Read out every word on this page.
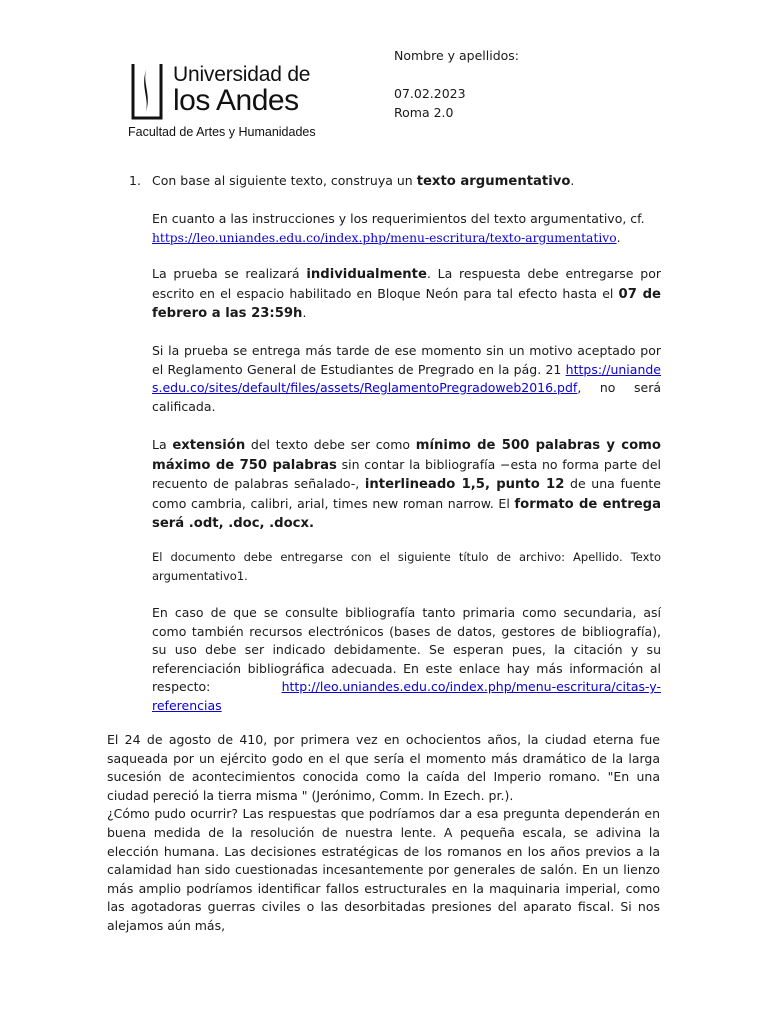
Universidad de
los Andes
Facultad de Artes y Humanidades
Nombre y apellidos:
07.02.2023
Roma 2.0
1. Con base al siguiente texto, construya un texto argumentativo.

En cuanto a las instrucciones y los requerimientos del texto argumentativo, cf.
https://leo.uniandes.edu.co/index.php/menu-escritura/texto-argumentativo.

La prueba se realizará individualmente. La respuesta debe entregarse por escrito en el espacio habilitado en Bloque Neón para tal efecto hasta el 07 de febrero a las 23:59h.

Si la prueba se entrega más tarde de ese momento sin un motivo aceptado por el Reglamento General de Estudiantes de Pregrado en la pág. 21 https://uniandes.edu.co/sites/default/files/assets/ReglamentoPregradoweb2016.pdf, no será calificada.

La extensión del texto debe ser como mínimo de 500 palabras y como máximo de 750 palabras sin contar la bibliografía −esta no forma parte del recuento de palabras señalado-, interlineado 1,5, punto 12 de una fuente como cambria, calibri, arial, times new roman narrow. El formato de entrega será .odt, .doc, .docx.

El documento debe entregarse con el siguiente título de archivo: Apellido. Texto argumentativo1.

En caso de que se consulte bibliografía tanto primaria como secundaria, así como también recursos electrónicos (bases de datos, gestores de bibliografía), su uso debe ser indicado debidamente. Se esperan pues, la citación y su referenciación bibliográfica adecuada. En este enlace hay más información al respecto: http://leo.uniandes.edu.co/index.php/menu-escritura/citas-y-referencias

El 24 de agosto de 410, por primera vez en ochocientos años, la ciudad eterna fue saqueada por un ejército godo en el que sería el momento más dramático de la larga sucesión de acontecimientos conocida como la caída del Imperio romano. "En una ciudad pereció la tierra misma " (Jerónimo, Comm. In Ezech. pr.).

¿Cómo pudo ocurrir? Las respuestas que podríamos dar a esa pregunta dependerán en buena medida de la resolución de nuestra lente. A pequeña escala, se adivina la elección humana. Las decisiones estratégicas de los romanos en los años previos a la calamidad han sido cuestionadas incesantemente por generales de salón. En un lienzo más amplio podríamos identificar fallos estructurales en la maquinaria imperial, como las agotadoras guerras civiles o las desorbitadas presiones del aparato fiscal. Si nos alejamos aún más,
